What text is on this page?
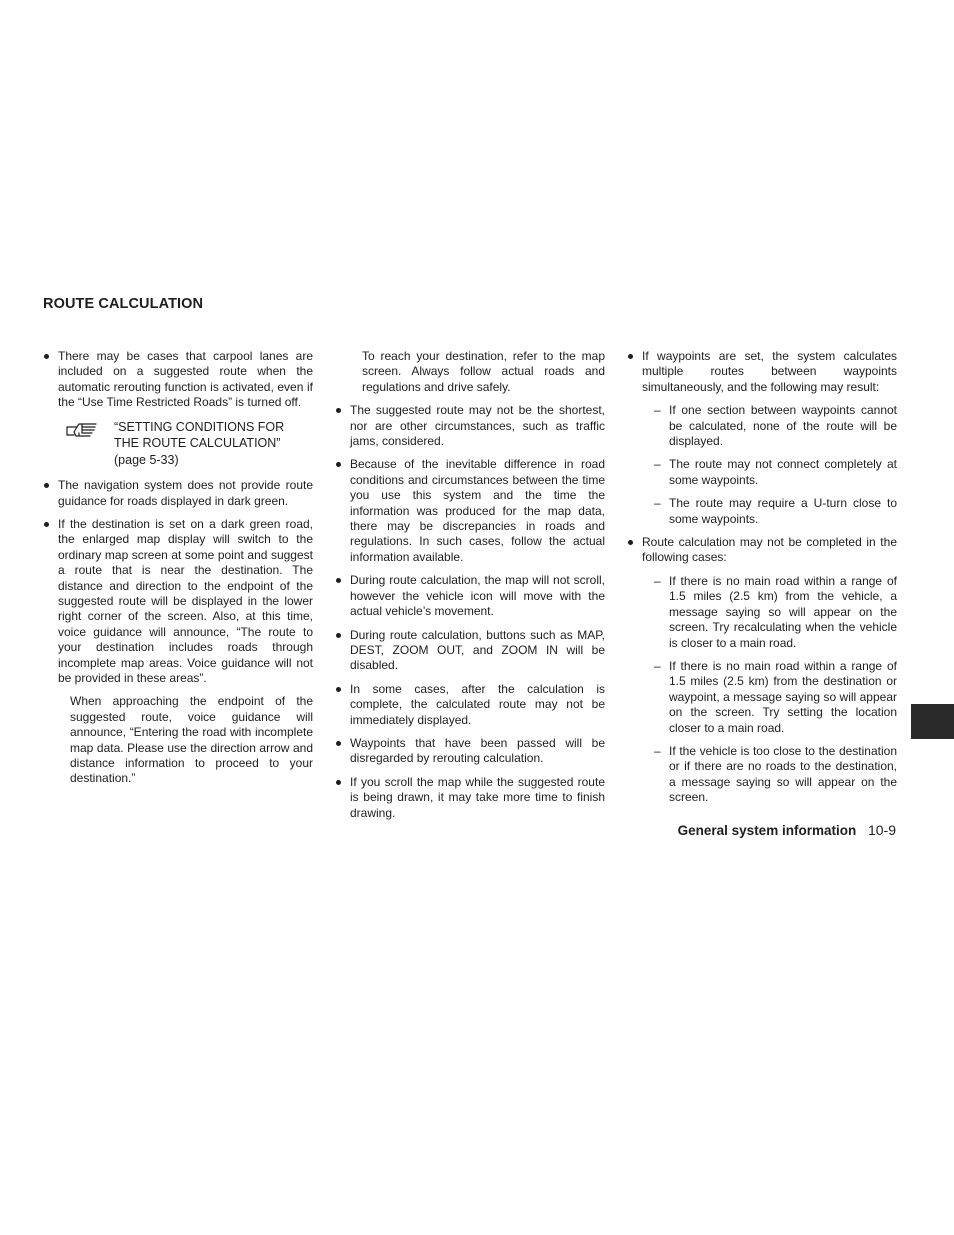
ROUTE CALCULATION

There may be cases that carpool lanes are included on a suggested route when the automatic rerouting function is activated, even if the “Use Time Restricted Roads” is turned off.

“SETTING CONDITIONS FOR
THE ROUTE CALCULATION”
(page 5-33)

The navigation system does not provide route guidance for roads displayed in dark green.

If the destination is set on a dark green road, the enlarged map display will switch to the ordinary map screen at some point and suggest a route that is near the destination. The distance and direction to the endpoint of the suggested route will be displayed in the lower right corner of the screen. Also, at this time, voice guidance will announce, “The route to your destination includes roads through incomplete map areas. Voice guidance will not be provided in these areas”.

When approaching the endpoint of the suggested route, voice guidance will announce, “Entering the road with incomplete map data. Please use the direction arrow and distance information to proceed to your destination.”

To reach your destination, refer to the map screen. Always follow actual roads and regulations and drive safely.

The suggested route may not be the shortest, nor are other circumstances, such as traffic jams, considered.

Because of the inevitable difference in road conditions and circumstances between the time you use this system and the time the information was produced for the map data, there may be discrepancies in roads and regulations. In such cases, follow the actual information available.

During route calculation, the map will not scroll, however the vehicle icon will move with the actual vehicle’s movement.

During route calculation, buttons such as MAP, DEST, ZOOM OUT, and ZOOM IN will be disabled.

In some cases, after the calculation is complete, the calculated route may not be immediately displayed.

Waypoints that have been passed will be disregarded by rerouting calculation.

If you scroll the map while the suggested route is being drawn, it may take more time to finish drawing.

If waypoints are set, the system calculates multiple routes between waypoints simultaneously, and the following may result:

– If one section between waypoints cannot be calculated, none of the route will be displayed.

– The route may not connect completely at some waypoints.

– The route may require a U-turn close to some waypoints.

Route calculation may not be completed in the following cases:

– If there is no main road within a range of 1.5 miles (2.5 km) from the vehicle, a message saying so will appear on the screen. Try recalculating when the vehicle is closer to a main road.

– If there is no main road within a range of 1.5 miles (2.5 km) from the destination or waypoint, a message saying so will appear on the screen. Try setting the location closer to a main road.

– If the vehicle is too close to the destination or if there are no roads to the destination, a message saying so will appear on the screen.

General system information 10-9
